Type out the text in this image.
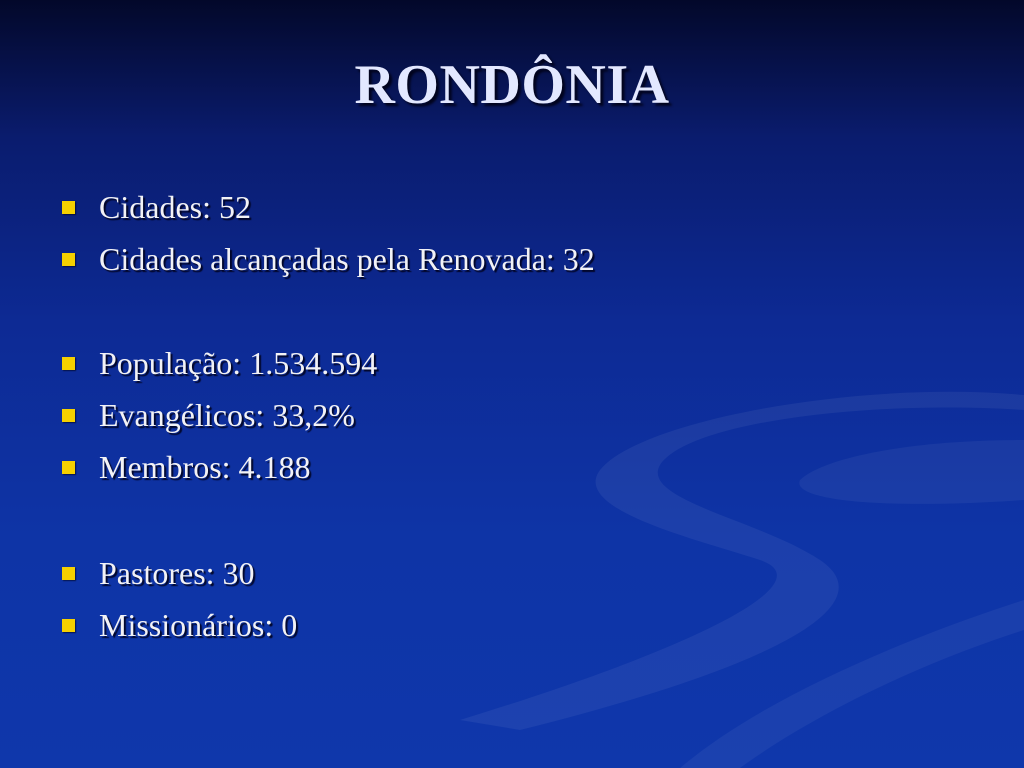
RONDÔNIA
Cidades: 52
Cidades alcançadas pela Renovada: 32
População: 1.534.594
Evangélicos: 33,2%
Membros: 4.188
Pastores: 30
Missionários: 0
